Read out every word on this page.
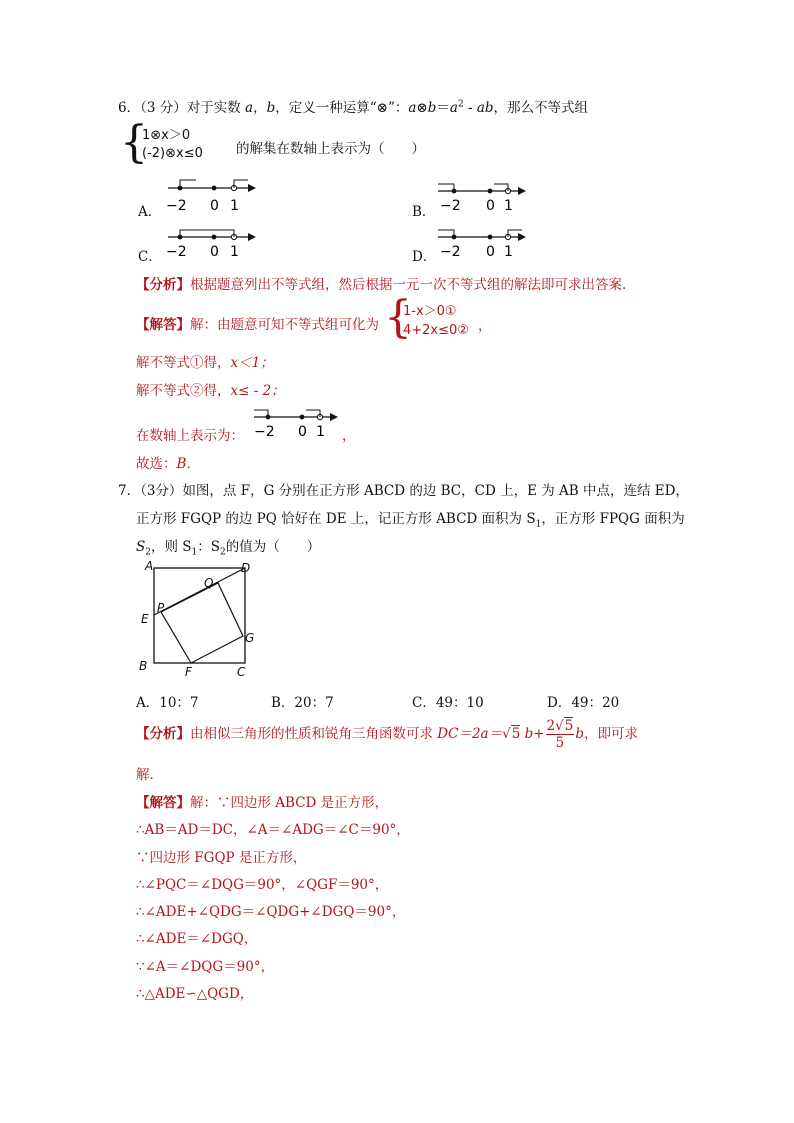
6．（3 分）对于实数 a，b，定义一种运算“⊗”：$a\otimes b=a^2$ - ab，那么不等式组
{
1⊗x＞0
(-2)⊗x≤0 的解集在数轴上表示为（　　）
A． −2 0 1	B． −2 0 1
C． −2 0 1	D． −2 0 1
【分析】根据题意列出不等式组，然后根据一元一次不等式组的解法即可求出答案．
【解答】解：由题意可知不等式组可化为 {
1-x＞0①
4+2x≤0② ，
解不等式①得，x＜1；
解不等式②得，x≤ - 2；
在数轴上表示为： −2 0 1 ，
故选：B．
7．（3分）如图，点 F，G 分别在正方形 ABCD 的边 BC，CD 上，E 为 AB 中点，连结 ED，
正方形 FGQP 的边 PQ 恰好在 DE 上，记正方形 ABCD 面积为 $S_1$，正方形 FPQG 面积为
$S_2$，则 $S_1$：$S_2$的值为（　　）
A	D
Q
P
E
G
B	F	C
A．10：7	B．20：7	C．49：10	D．49：20
【分析】由相似三角形的性质和锐角三角函数可求 DC＝2a＝√5 $b+ \frac{2√5}{5}$ b，即可求
解．
【解答】解：∵四边形 ABCD 是正方形，
∴AB＝AD＝DC，∠A＝∠ADG＝∠C＝90°，
∵四边形 FGQP 是正方形，
∴∠PQC＝∠DQG＝90°，∠QGF＝90°，
∴∠ADE+∠QDG＝∠QDG+∠DGQ＝90°，
∴∠ADE＝∠DGQ，
∵∠A＝∠DQG＝90°，
∴△ADE∽△QGD，
